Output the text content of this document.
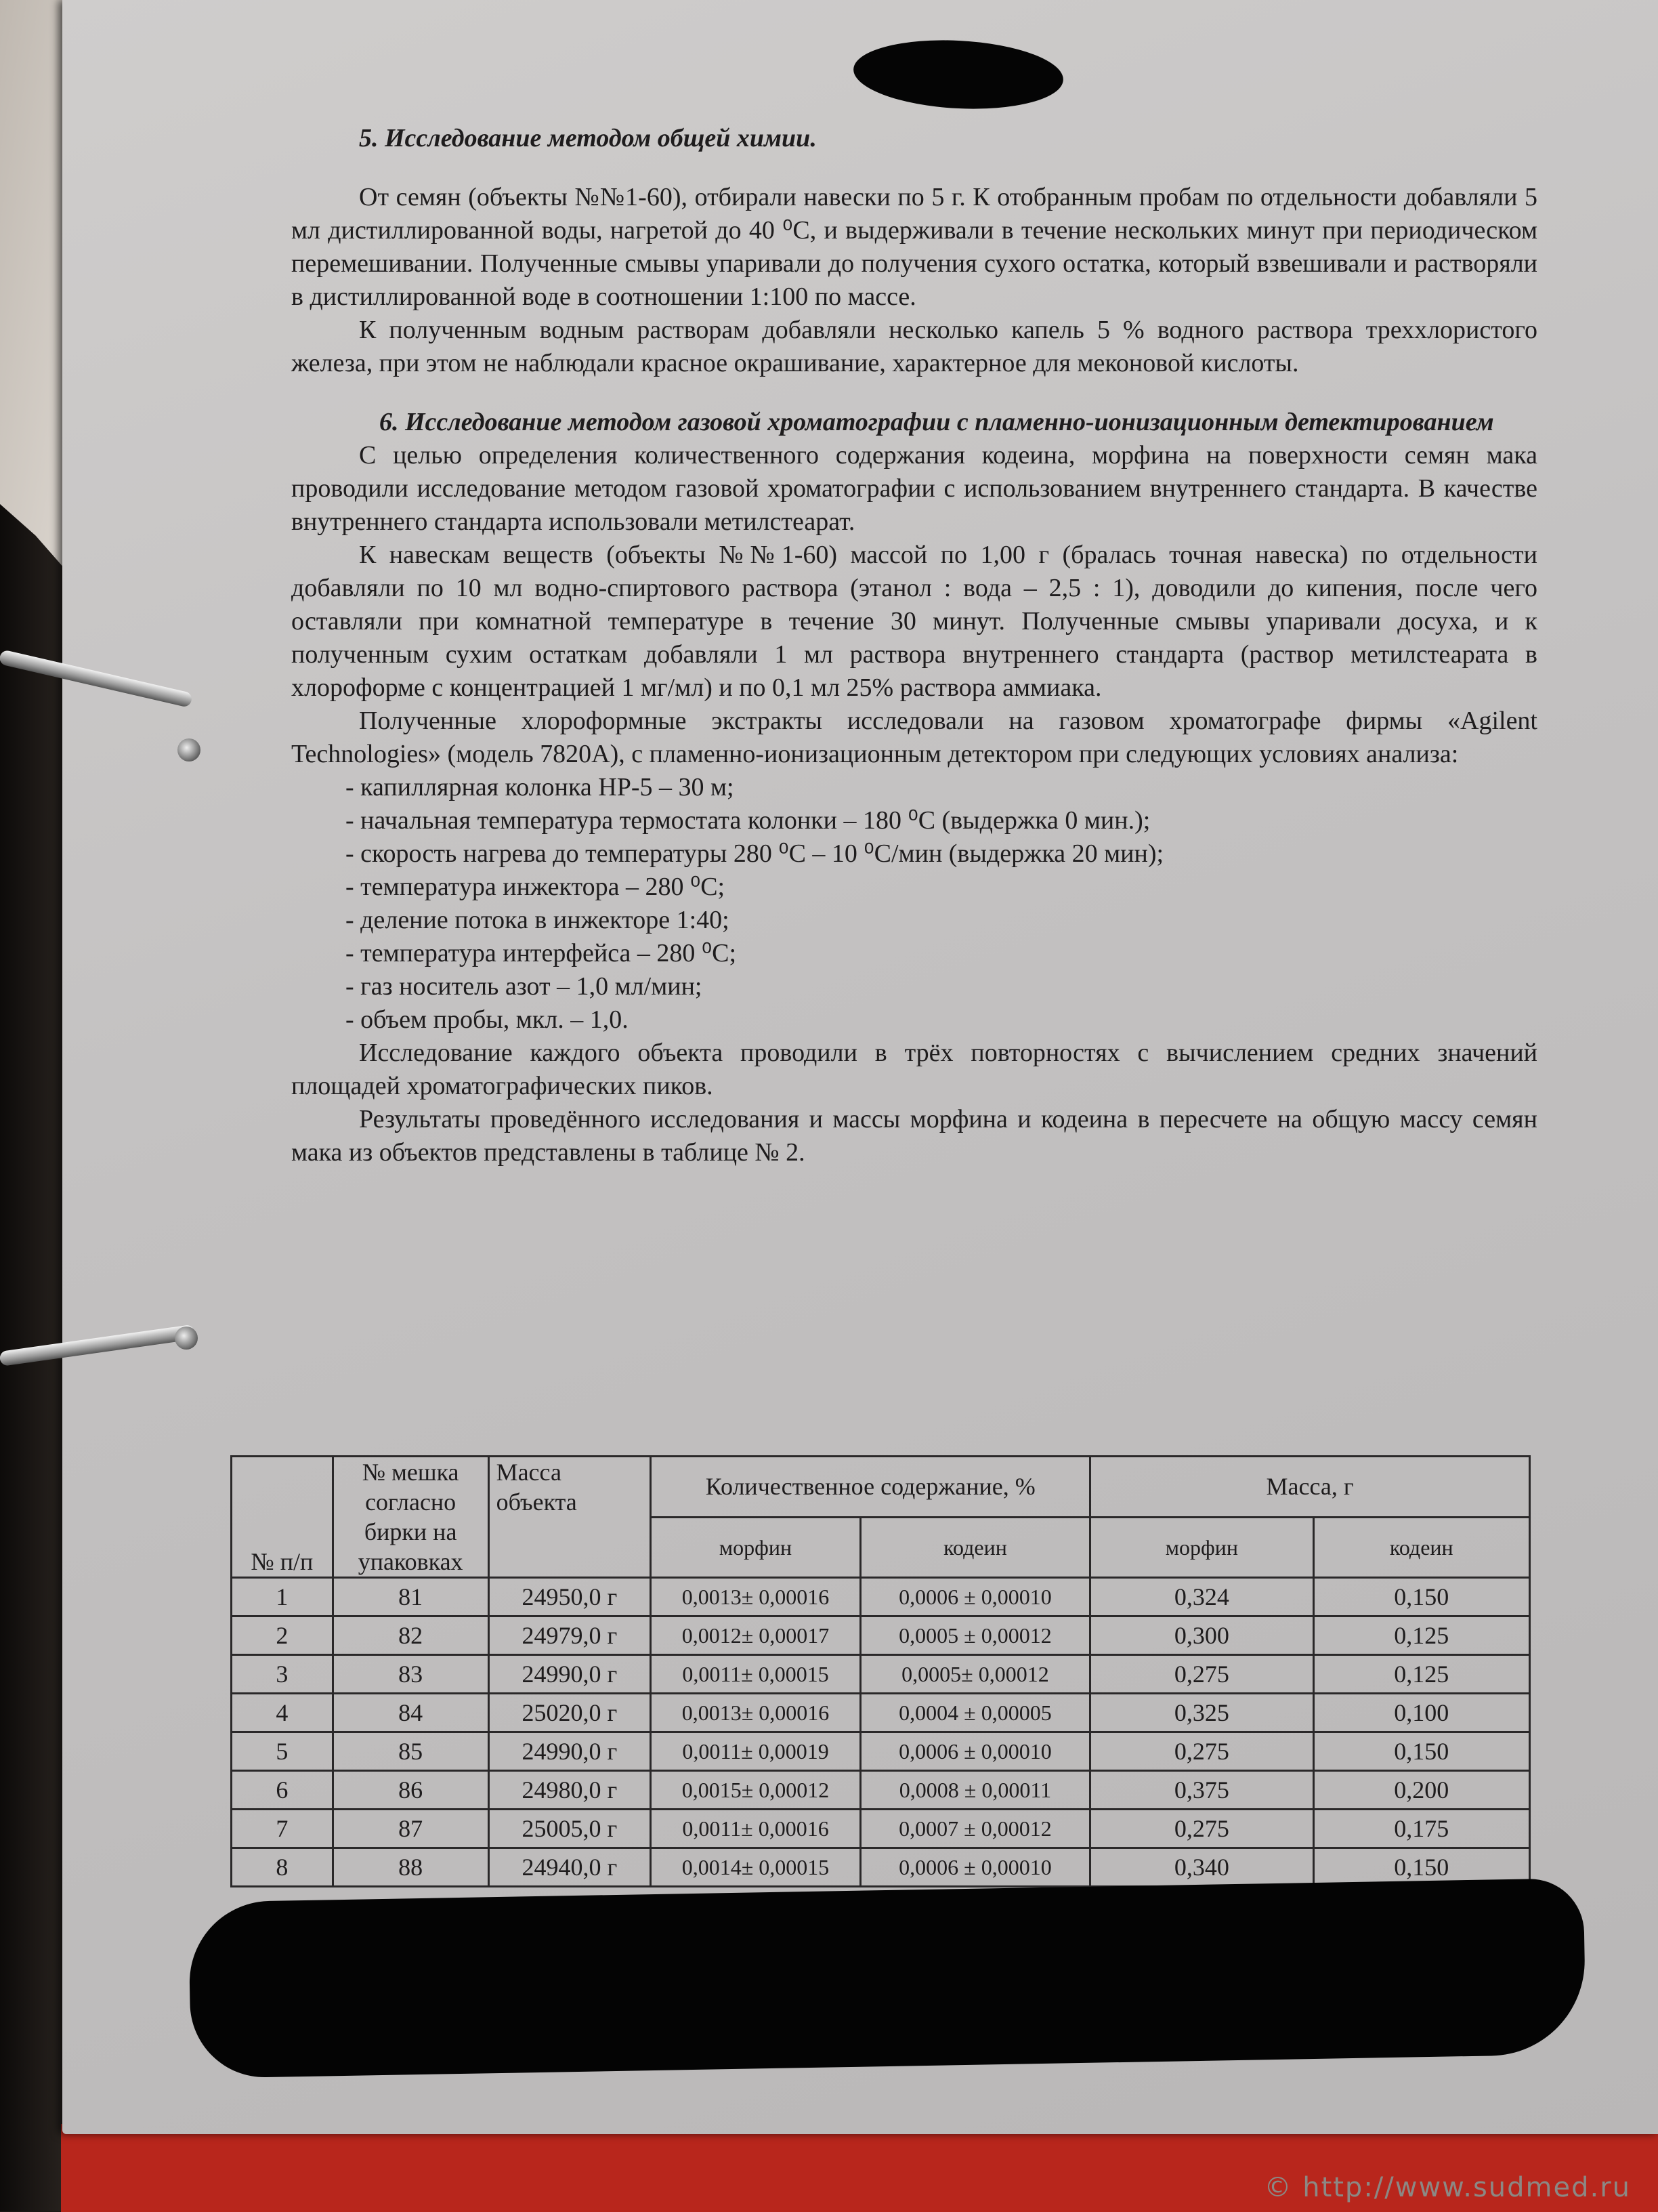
5. Исследование методом общей химии.

От семян (объекты №№1-60), отбирали навески по 5 г. К отобранным пробам по отдельности добавляли 5 мл дистиллированной воды, нагретой до 40 ⁰С, и выдерживали в течение нескольких минут при периодическом перемешивании. Полученные смывы упаривали до получения сухого остатка, который взвешивали и растворяли в дистиллированной воде в соотношении 1:100 по массе.

К полученным водным растворам добавляли несколько капель 5 % водного раствора треххлористого железа, при этом не наблюдали красное окрашивание, характерное для меконовой кислоты.

6. Исследование методом газовой хроматографии с пламенно-ионизационным детектированием

С целью определения количественного содержания кодеина, морфина на поверхности семян мака проводили исследование методом газовой хроматографии с использованием внутреннего стандарта. В качестве внутреннего стандарта использовали метилстеарат.

К навескам веществ (объекты №№1-60) массой по 1,00 г (бралась точная навеска) по отдельности добавляли по 10 мл водно-спиртового раствора (этанол : вода – 2,5 : 1), доводили до кипения, после чего оставляли при комнатной температуре в течение 30 минут. Полученные смывы упаривали досуха, и к полученным сухим остаткам добавляли 1 мл раствора внутреннего стандарта (раствор метилстеарата в хлороформе с концентрацией 1 мг/мл) и по 0,1 мл 25% раствора аммиака.

Полученные хлороформные экстракты исследовали на газовом хроматографе фирмы «Agilent Technologies» (модель 7820А), с пламенно-ионизационным детектором при следующих условиях анализа:

- капиллярная колонка HP-5 – 30 м;
- начальная температура термостата колонки – 180 ⁰С (выдержка 0 мин.);
- скорость нагрева до температуры 280 ⁰С – 10 ⁰С/мин (выдержка 20 мин);
- температура инжектора – 280 ⁰С;
- деление потока в инжекторе 1:40;
- температура интерфейса – 280 ⁰С;
- газ носитель азот – 1,0 мл/мин;
- объем пробы, мкл. – 1,0.

Исследование каждого объекта проводили в трёх повторностях с вычислением средних значений площадей хроматографических пиков.

Результаты проведённого исследования и массы морфина и кодеина в пересчете на общую массу семян мака из объектов представлены в таблице № 2.

№ п/п	№ мешка согласно бирки на упаковках	Масса объекта	Количественное содержание, %		Масса, г	
			морфин	кодеин	морфин	кодеин
1	81	24950,0 г	0,0013± 0,00016	0,0006 ± 0,00010	0,324	0,150
2	82	24979,0 г	0,0012± 0,00017	0,0005 ± 0,00012	0,300	0,125
3	83	24990,0 г	0,0011± 0,00015	0,0005± 0,00012	0,275	0,125
4	84	25020,0 г	0,0013± 0,00016	0,0004 ± 0,00005	0,325	0,100
5	85	24990,0 г	0,0011± 0,00019	0,0006 ± 0,00010	0,275	0,150
6	86	24980,0 г	0,0015± 0,00012	0,0008 ± 0,00011	0,375	0,200
7	87	25005,0 г	0,0011± 0,00016	0,0007 ± 0,00012	0,275	0,175
8	88	24940,0 г	0,0014± 0,00015	0,0006 ± 0,00010	0,340	0,150
© http://www.sudmed.ru
